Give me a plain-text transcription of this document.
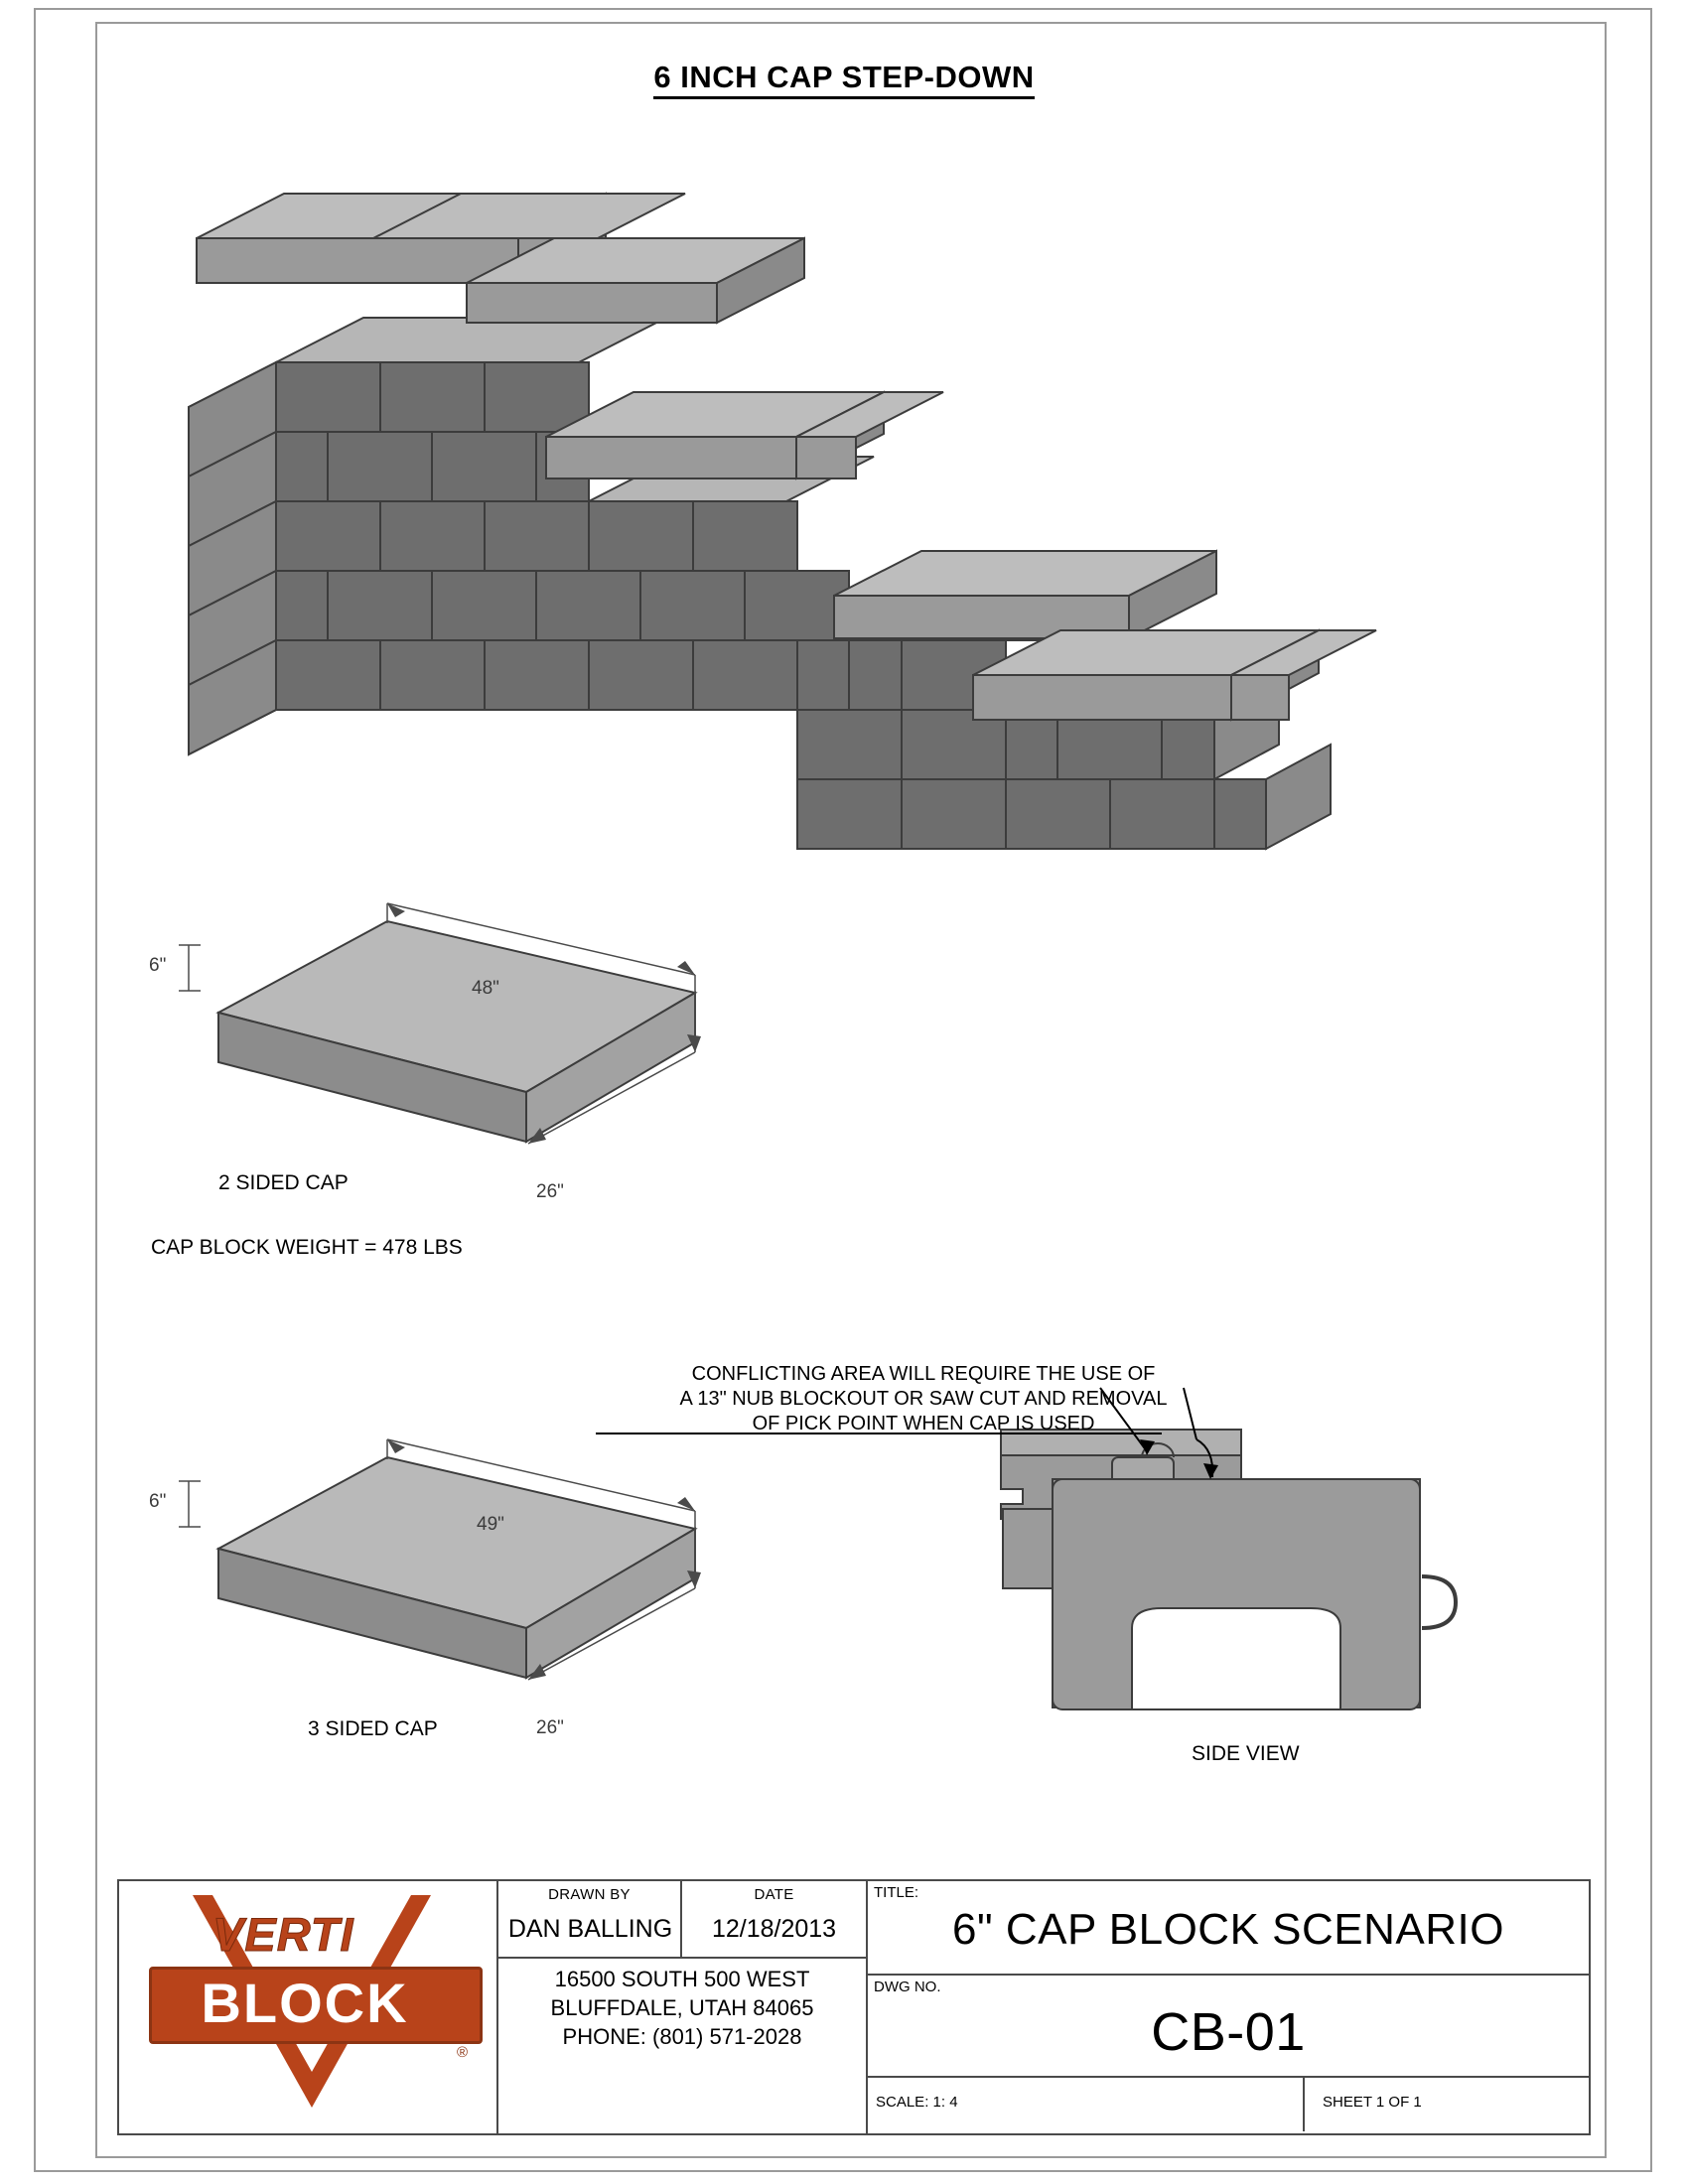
6 INCH CAP STEP-DOWN
48"
26"
6"
2 SIDED CAP
CAP BLOCK WEIGHT = 478 LBS
49"
26"
6"
3 SIDED CAP
SIDE VIEW
CONFLICTING AREA WILL REQUIRE THE USE OF
A 13" NUB BLOCKOUT OR SAW CUT AND REMOVAL
OF PICK POINT WHEN CAP IS USED
VERTI
BLOCK
®
DRAWN BY	DATE
DAN BALLING	12/18/2013
16500 SOUTH 500 WEST
BLUFFDALE, UTAH 84065
PHONE: (801) 571-2028
TITLE:
6" CAP BLOCK SCENARIO
DWG NO.
CB-01
SCALE: 1: 4	SHEET 1 OF 1
